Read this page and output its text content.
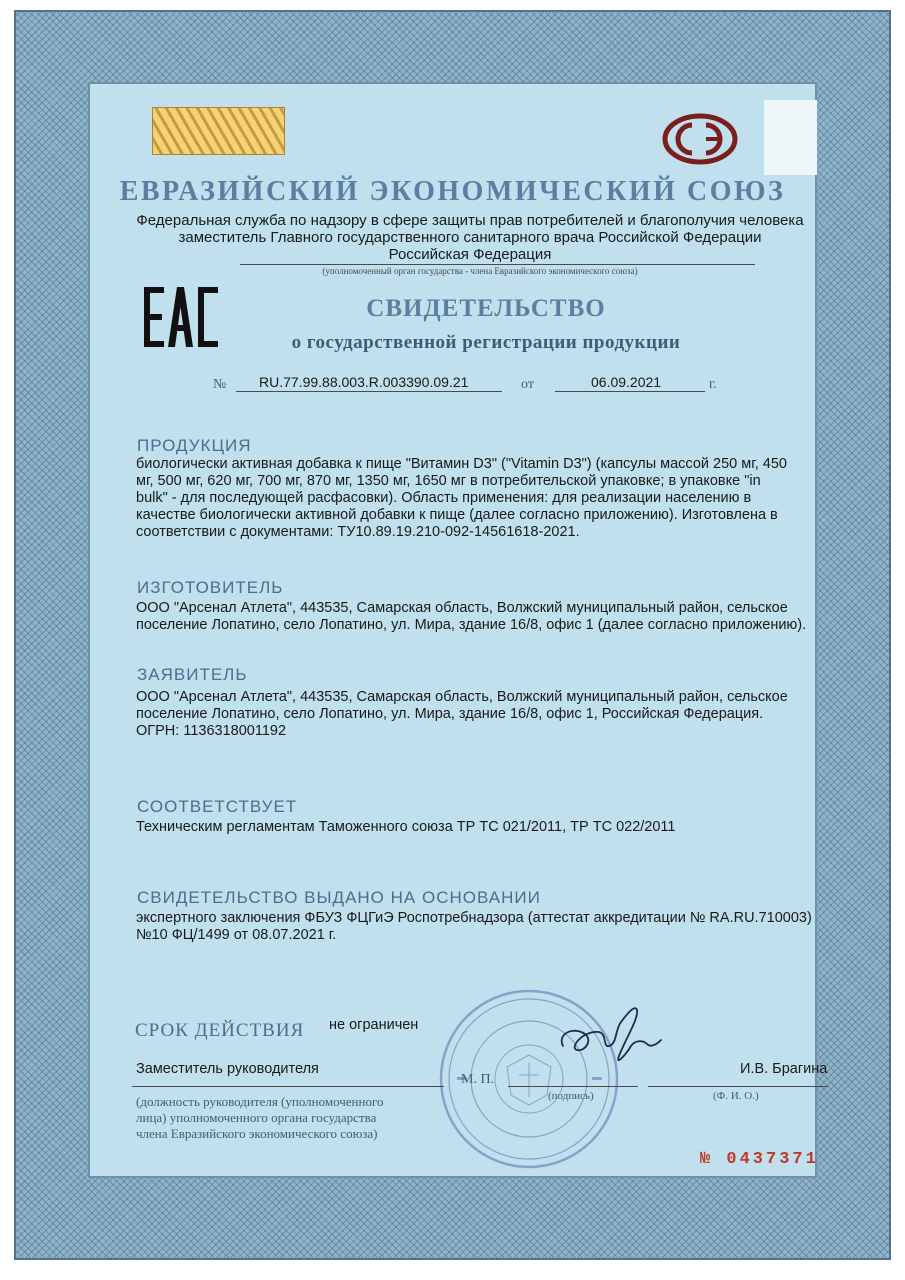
ЕВРАЗИЙСКИЙ ЭКОНОМИЧЕСКИЙ СОЮЗ
Федеральная служба по надзору в сфере защиты прав потребителей и благополучия человека
заместитель Главного государственного санитарного врача Российской Федерации
Российская Федерация
(уполномоченный орган государства - члена Евразийского экономического союза)
СВИДЕТЕЛЬСТВО
о государственной регистрации продукции
№ RU.77.99.88.003.R.003390.09.21	от	06.09.2021	г.
ПРОДУКЦИЯ
биологически активная добавка к пище "Витамин D3" ("Vitamin D3") (капсулы массой 250 мг, 450
мг, 500 мг, 620 мг, 700 мг, 870 мг, 1350 мг, 1650 мг в потребительской упаковке; в упаковке "in
bulk" - для последующей расфасовки). Область применения: для реализации населению в
качестве биологически активной добавки к пище (далее согласно приложению). Изготовлена в
соответствии с документами: ТУ10.89.19.210-092-14561618-2021.
ИЗГОТОВИТЕЛЬ
ООО "Арсенал Атлета", 443535, Самарская область, Волжский муниципальный район, сельское
поселение Лопатино, село Лопатино, ул. Мира, здание 16/8, офис 1 (далее согласно приложению).
ЗАЯВИТЕЛЬ
ООО "Арсенал Атлета", 443535, Самарская область, Волжский муниципальный район, сельское
поселение Лопатино, село Лопатино, ул. Мира, здание 16/8, офис 1, Российская Федерация.
ОГРН: 1136318001192
СООТВЕТСТВУЕТ
Техническим регламентам Таможенного союза ТР ТС 021/2011, ТР ТС 022/2011
СВИДЕТЕЛЬСТВО ВЫДАНО НА ОСНОВАНИИ
экспертного заключения ФБУЗ ФЦГиЭ Роспотребнадзора (аттестат аккредитации № RA.RU.710003)
№10 ФЦ/1499 от 08.07.2021 г.
СРОК ДЕЙСТВИЯ не ограничен
Заместитель руководителя
М. П.
(подпись)
И.В. Брагина
(Ф. И. О.)
(должность руководителя (уполномоченного
лица) уполномоченного органа государства
члена Евразийского экономического союза)
№ 0437371
